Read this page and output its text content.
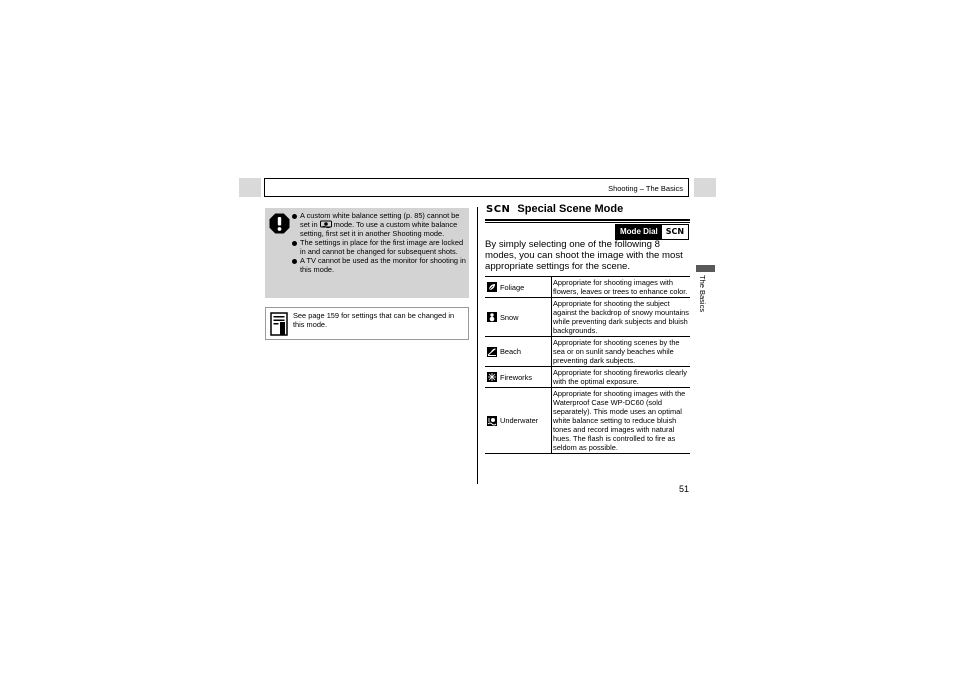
Shooting – The Basics
A custom white balance setting (p. 85) cannot be set in mode. To use a custom white balance setting, first set it in another Shooting mode.
The settings in place for the first image are locked in and cannot be changed for subsequent shots.
A TV cannot be used as the monitor for shooting in this mode.
See page 159 for settings that can be changed in this mode.
SCN Special Scene Mode
Mode Dial	SCN
By simply selecting one of the following 8 modes, you can shoot the image with the most appropriate settings for the scene.
Foliage	Appropriate for shooting images with flowers, leaves or trees to enhance color.

Snow	Appropriate for shooting the subject against the backdrop of snowy mountains while preventing dark subjects and bluish backgrounds.

Beach	Appropriate for shooting scenes by the sea or on sunlit sandy beaches while preventing dark subjects.

Fireworks	Appropriate for shooting fireworks clearly with the optimal exposure.

Underwater	Appropriate for shooting images with the Waterproof Case WP-DC60 (sold separately). This mode uses an optimal white balance setting to reduce bluish tones and record images with natural hues. The flash is controlled to fire as seldom as possible.
The Basics
51
